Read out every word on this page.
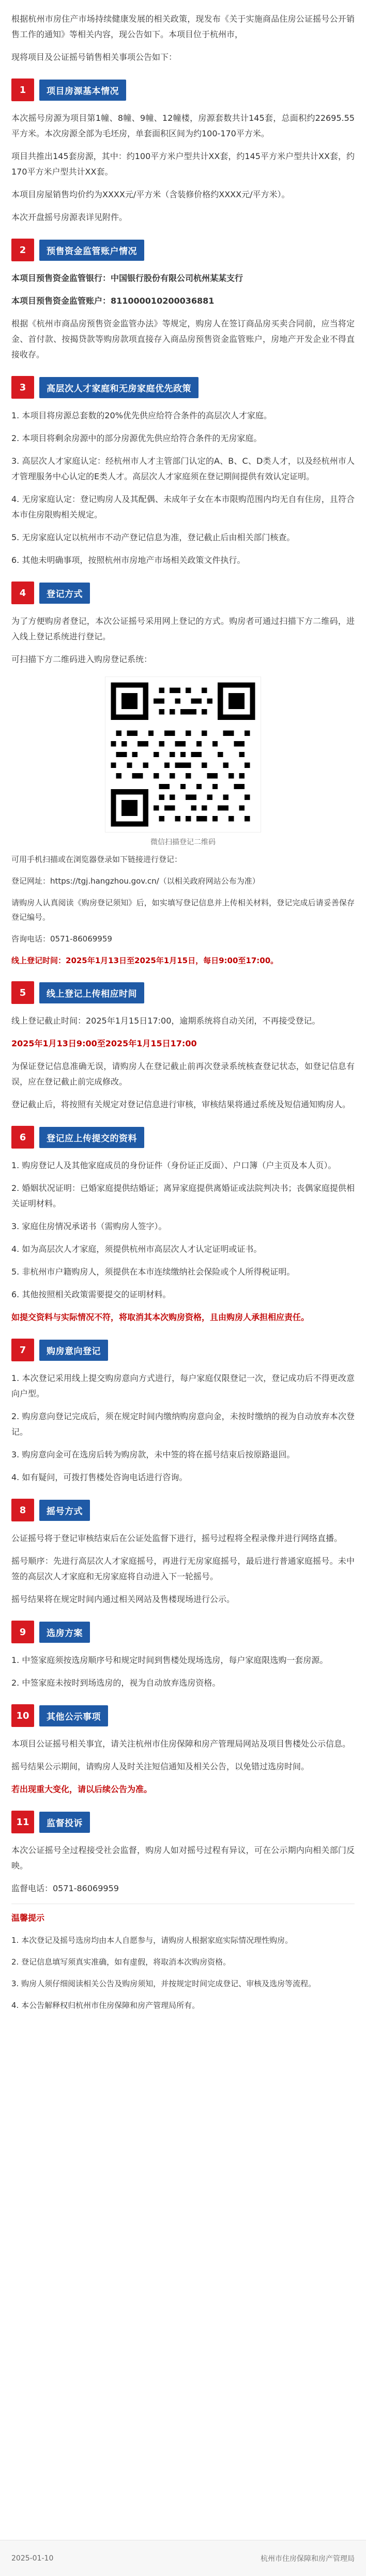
根据杭州市房住产市场持续健康发展的相关政策，现发布《关于实施商品住房公证摇号公开销售工作的通知》等相关内容，现公告如下。本项目位于杭州市，

现将项目及公证摇号销售相关事项公告如下：

1	项目房源基本情况

本次摇号房源为项目第1幢、8幢、9幢、12幢楼，房源套数共计145套，总面积约22695.55平方米。本次房源全部为毛坯房，单套面积区间为约100-170平方米。

项目共推出145套房源，其中：约100平方米户型共计XX套，约145平方米户型共计XX套，约170平方米户型共计XX套。

本项目房屋销售均价约为XXXX元/平方米（含装修价格约XXXX元/平方米）。

本次开盘摇号房源表详见附件。

2	预售资金监管账户情况

本项目预售资金监管银行：中国银行股份有限公司杭州某某支行

本项目预售资金监管账户：811000010200036881

根据《杭州市商品房预售资金监管办法》等规定，购房人在签订商品房买卖合同前，应当将定金、首付款、按揭贷款等购房款项直接存入商品房预售资金监管账户，房地产开发企业不得直接收存。

3	高层次人才家庭和无房家庭优先政策

1. 本项目将房源总套数的20%优先供应给符合条件的高层次人才家庭。

2. 本项目将剩余房源中的部分房源优先供应给符合条件的无房家庭。

3. 高层次人才家庭认定：经杭州市人才主管部门认定的A、B、C、D类人才，以及经杭州市人才管理服务中心认定的E类人才。高层次人才家庭须在登记期间提供有效认定证明。

4. 无房家庭认定：登记购房人及其配偶、未成年子女在本市限购范围内均无自有住房，且符合本市住房限购相关规定。

5. 无房家庭认定以杭州市不动产登记信息为准，登记截止后由相关部门核查。

6. 其他未明确事项，按照杭州市房地产市场相关政策文件执行。

4	登记方式

为了方便购房者登记，本次公证摇号采用网上登记的方式。购房者可通过扫描下方二维码，进入线上登记系统进行登记。

可扫描下方二维码进入购房登记系统：

微信扫描登记二维码

可用手机扫描或在浏览器登录如下链接进行登记：

登记网址：https://tgj.hangzhou.gov.cn/（以相关政府网站公布为准）

请购房人认真阅读《购房登记须知》后，如实填写登记信息并上传相关材料，登记完成后请妥善保存登记编号。

咨询电话：0571-86069959

线上登记时间：2025年1月13日至2025年1月15日，每日9:00至17:00。

5	线上登记上传相应时间

线上登记截止时间：2025年1月15日17:00，逾期系统将自动关闭，不再接受登记。

2025年1月13日9:00至2025年1月15日17:00

为保证登记信息准确无误，请购房人在登记截止前再次登录系统核查登记状态，如登记信息有误，应在登记截止前完成修改。

登记截止后，将按照有关规定对登记信息进行审核，审核结果将通过系统及短信通知购房人。

6	登记应上传提交的资料

1. 购房登记人及其他家庭成员的身份证件（身份证正反面）、户口簿（户主页及本人页）。

2. 婚姻状况证明：已婚家庭提供结婚证；离异家庭提供离婚证或法院判决书；丧偶家庭提供相关证明材料。

3. 家庭住房情况承诺书（需购房人签字）。

4. 如为高层次人才家庭，须提供杭州市高层次人才认定证明或证书。

5. 非杭州市户籍购房人，须提供在本市连续缴纳社会保险或个人所得税证明。

6. 其他按照相关政策需要提交的证明材料。

如提交资料与实际情况不符，将取消其本次购房资格，且由购房人承担相应责任。

7	购房意向登记

1. 本次登记采用线上提交购房意向方式进行，每户家庭仅限登记一次，登记成功后不得更改意向户型。

2. 购房意向登记完成后，须在规定时间内缴纳购房意向金，未按时缴纳的视为自动放弃本次登记。

3. 购房意向金可在选房后转为购房款，未中签的将在摇号结束后按原路退回。

4. 如有疑问，可拨打售楼处咨询电话进行咨询。

8	摇号方式

公证摇号将于登记审核结束后在公证处监督下进行，摇号过程将全程录像并进行网络直播。

摇号顺序：先进行高层次人才家庭摇号，再进行无房家庭摇号，最后进行普通家庭摇号。未中签的高层次人才家庭和无房家庭将自动进入下一轮摇号。

摇号结果将在规定时间内通过相关网站及售楼现场进行公示。

9	选房方案

1. 中签家庭须按选房顺序号和规定时间到售楼处现场选房，每户家庭限选购一套房源。

2. 中签家庭未按时到场选房的，视为自动放弃选房资格。

10	其他公示事项

本项目公证摇号相关事宜，请关注杭州市住房保障和房产管理局网站及项目售楼处公示信息。

摇号结果公示期间，请购房人及时关注短信通知及相关公告，以免错过选房时间。

若出现重大变化，请以后续公告为准。

11	监督投诉

本次公证摇号全过程接受社会监督，购房人如对摇号过程有异议，可在公示期内向相关部门反映。

监督电话：0571-86069959

温馨提示

1. 本次登记及摇号选房均由本人自愿参与，请购房人根据家庭实际情况理性购房。

2. 登记信息填写须真实准确，如有虚假，将取消本次购房资格。

3. 购房人须仔细阅读相关公告及购房须知，并按规定时间完成登记、审核及选房等流程。

4. 本公告解释权归杭州市住房保障和房产管理局所有。

2025-01-10	杭州市住房保障和房产管理局
